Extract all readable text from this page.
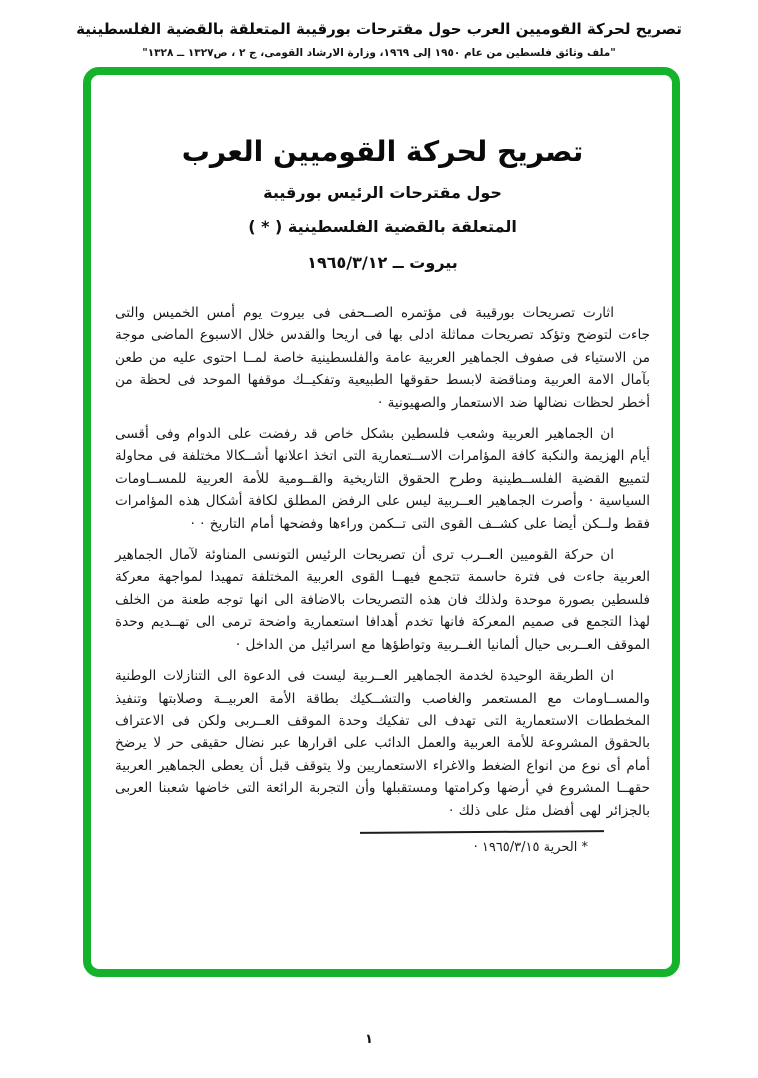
تصريح لحركة القوميين العرب حول مقترحات بورقيبة المتعلقة بالقضية الفلسطينية
"ملف وثائق فلسطين من عام ١٩٥٠ إلى ١٩٦٩، وزارة الارشاد القومى، ج ٢ ، ص١٣٢٧ ــ ١٣٢٨"
تصريح لحركة القوميين العرب
حول مقترحات الرئيس بورقيبة
المتعلقة بالقضية الفلسطينية ( * )
بيروت ــ ١٩٦٥/٣/١٢

اثارت تصريحات بورقيبة فى مؤتمره الصــحفى فى بيروت يوم أمس الخميس والتى جاءت لتوضح وتؤكد تصريحات مماثلة ادلى بها فى اريحا والقدس خلال الاسبوع الماضى موجة من الاستياء فى صفوف الجماهير العربية عامة والفلسطينية خاصة لمــا احتوى عليه من طعن بآمال الامة العربية ومناقضة لابسط حقوقها الطبيعية وتفكيــك موقفها الموحد فى لحظة من أخطر لحظات نضالها ضد الاستعمار والصهيونية ·

ان الجماهير العربية وشعب فلسطين بشكل خاص قد رفضت على الدوام وفى أقسى أيام الهزيمة والنكبة كافة المؤامرات الاســتعمارية التى اتخذ اعلانها أشــكالا مختلفة فى محاولة لتمييع القضية الفلســطينية وطرح الحقوق التاريخية والقــومية للأمة العربية للمســاومات السياسية · وأصرت الجماهير العــربية ليس على الرفض المطلق لكافة أشكال هذه المؤامرات فقط ولــكن أيضا على كشــف القوى التى تــكمن وراءها وفضحها أمام التاريخ · ·

ان حركة القوميين العــرب ترى أن تصريحات الرئيس التونسى المناوئة لآمال الجماهير العربية جاءت فى فترة حاسمة تتجمع فيهــا القوى العربية المختلفة تمهيدا لمواجهة معركة فلسطين بصورة موحدة ولذلك فان هذه التصريحات بالاضافة الى انها توجه طعنة من الخلف لهذا التجمع فى صميم المعركة فانها تخدم أهدافا استعمارية واضحة ترمى الى تهــديم وحدة الموقف العــربى حيال ألمانيا الغــربية وتواطؤها مع اسرائيل من الداخل ·

ان الطريقة الوحيدة لخدمة الجماهير العــربية ليست فى الدعوة الى التنازلات الوطنية والمســاومات مع المستعمر والغاصب والتشــكيك بطاقة الأمة العربيــة وصلابتها وتنفيذ المخططات الاستعمارية التى تهدف الى تفكيك وحدة الموقف العــربى ولكن فى الاعتراف بالحقوق المشروعة للأمة العربية والعمل الدائب على اقرارها عبر نضال حقيقى حر لا يرضخ أمام أى نوع من انواع الضغط والاغراء الاستعماريين ولا يتوقف قبل أن يعطى الجماهير العربية حقهــا المشروع في أرضها وكرامتها ومستقبلها وأن التجربة الرائعة التى خاضها شعبنا العربى بالجزائر لهى أفضل مثل على ذلك ·

* الحرية ١٩٦٥/٣/١٥ ·
١
